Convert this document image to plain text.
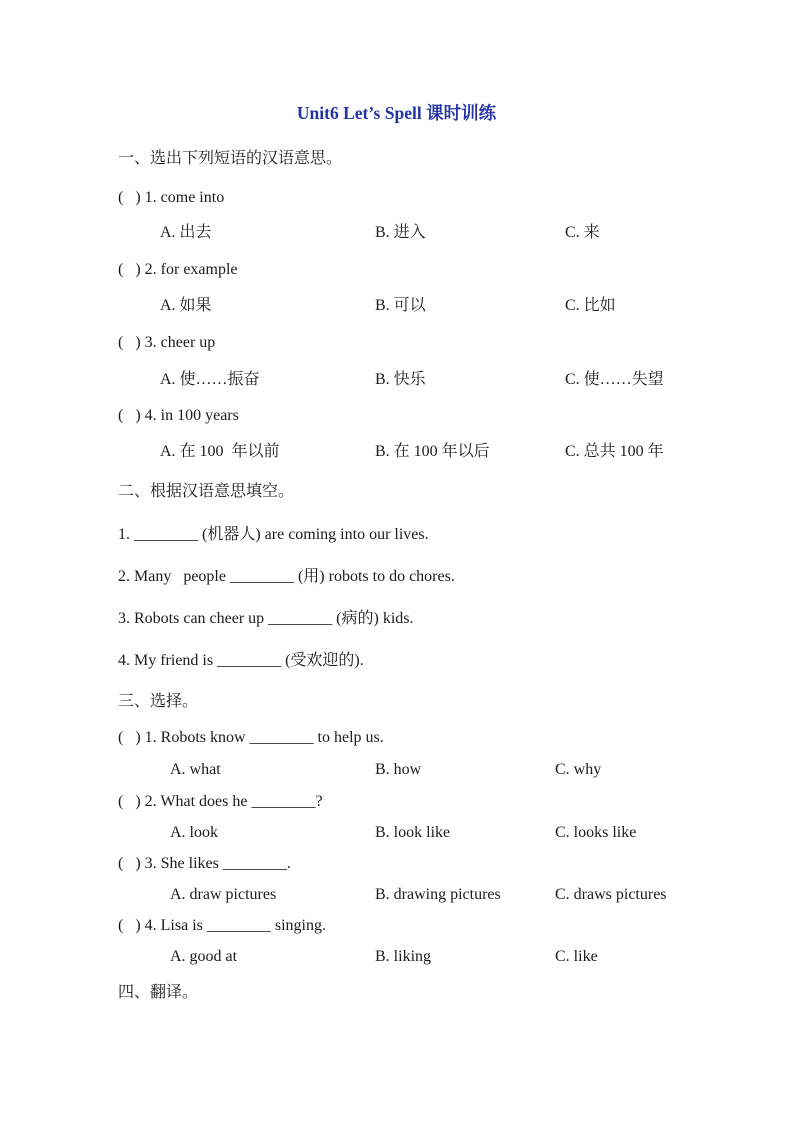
Unit6 Let’s Spell 课时训练
一、选出下列短语的汉语意思。
(   ) 1. come into
A. 出去	B. 进入	C. 来
(   ) 2. for example
A. 如果	B. 可以	C. 比如
(   ) 3. cheer up
A. 使……振奋	B. 快乐	C. 使……失望
(   ) 4. in 100 years
A. 在 100  年以前	B. 在 100 年以后	C. 总共 100 年
二、根据汉语意思填空。
1. ________ (机器人) are coming into our lives.
2. Many   people ________ (用) robots to do chores.
3. Robots can cheer up ________ (病的) kids.
4. My friend is ________ (受欢迎的).
三、选择。
(   ) 1. Robots know ________ to help us.
A. what	B. how	C. why
(   ) 2. What does he ________?
A. look	B. look like	C. looks like
(   ) 3. She likes ________.
A. draw pictures	B. drawing pictures	C. draws pictures
(   ) 4. Lisa is ________ singing.
A. good at	B. liking	C. like
四、翻译。
